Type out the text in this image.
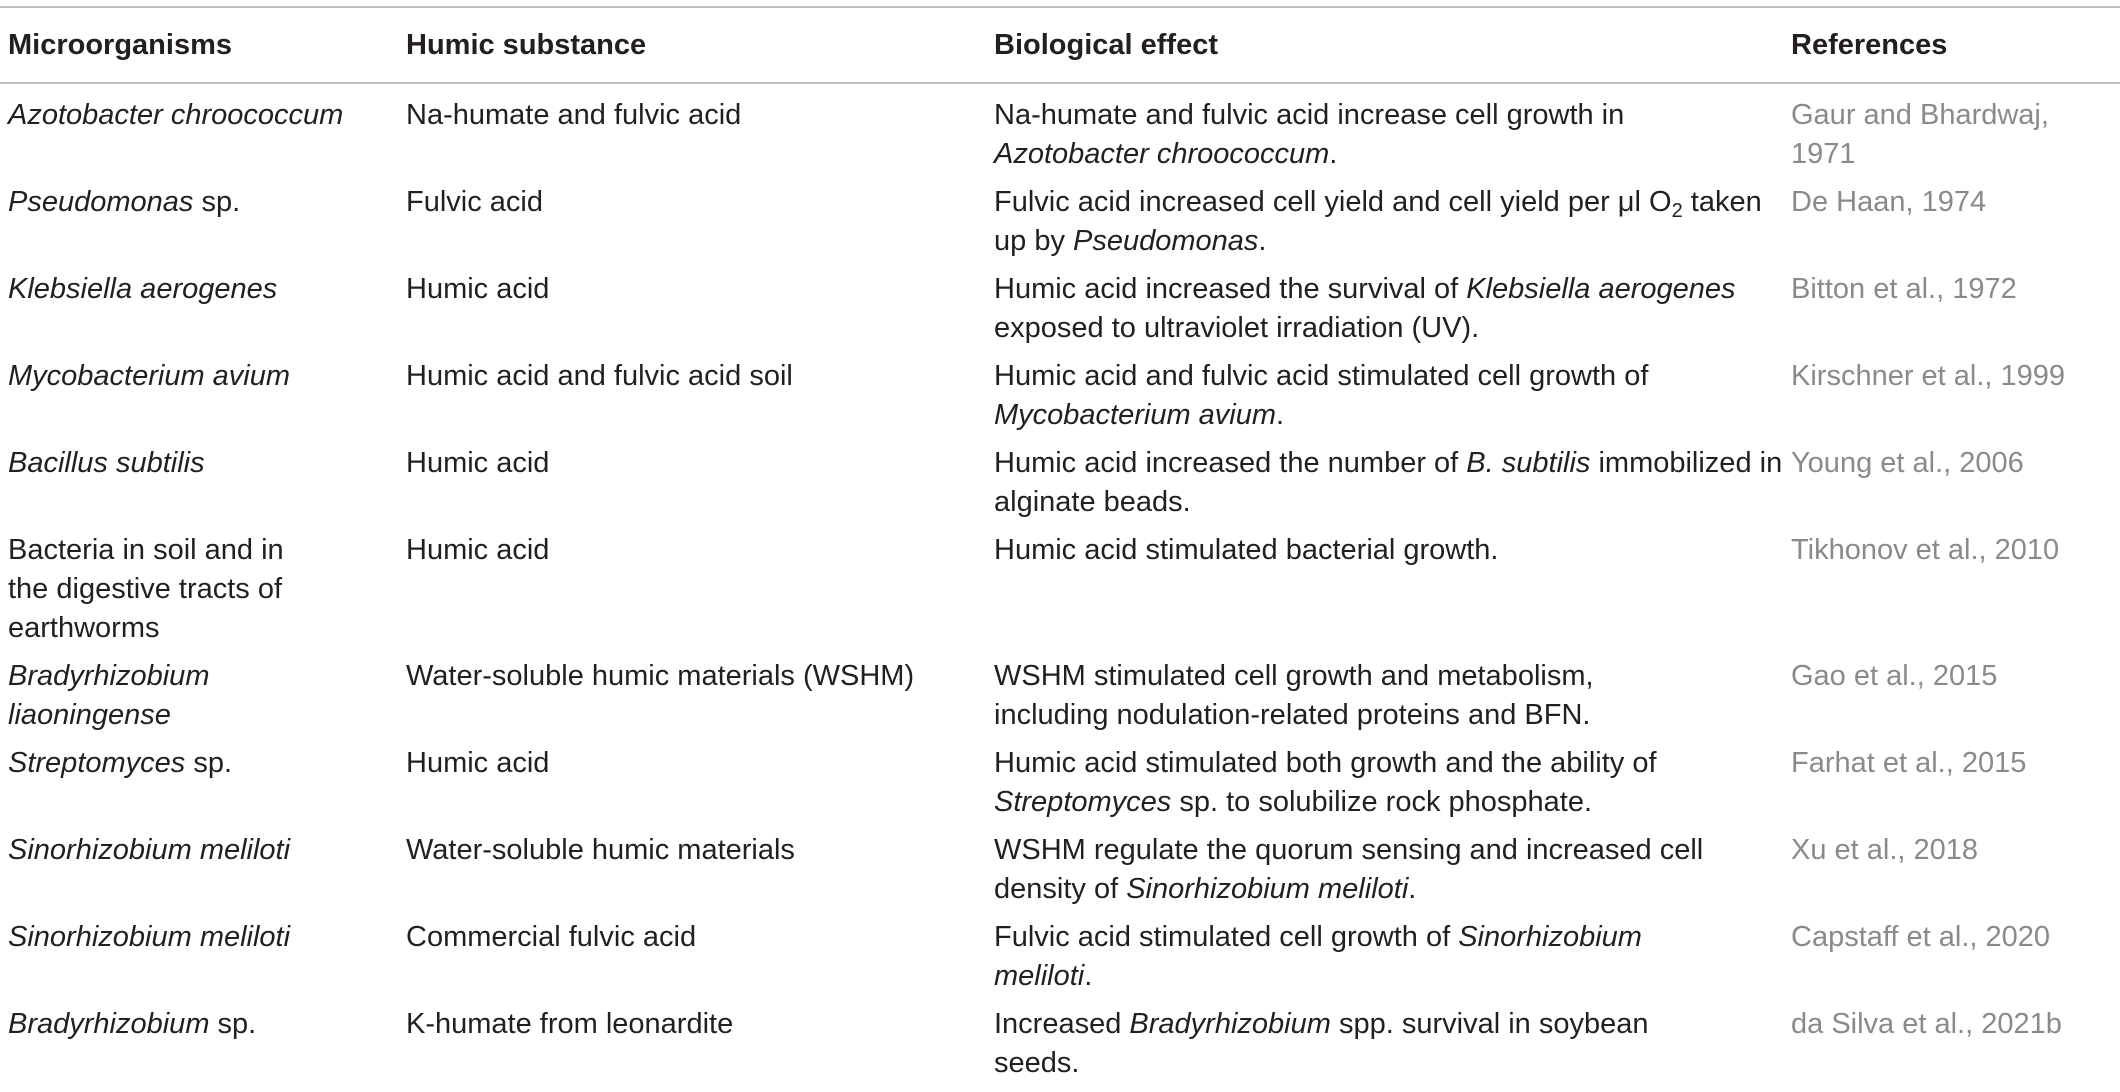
Microorganisms	Humic substance	Biological effect	References
Azotobacter chroococcum	Na-humate and fulvic acid	Na-humate and fulvic acid increase cell growth in Azotobacter chroococcum.	Gaur and Bhardwaj, 1971
Pseudomonas sp.	Fulvic acid	Fulvic acid increased cell yield and cell yield per μl $O_2$ taken up by Pseudomonas.	De Haan, 1974
Klebsiella aerogenes	Humic acid	Humic acid increased the survival of Klebsiella aerogenes exposed to ultraviolet irradiation (UV).	Bitton et al., 1972
Mycobacterium avium	Humic acid and fulvic acid soil	Humic acid and fulvic acid stimulated cell growth of Mycobacterium avium.	Kirschner et al., 1999
Bacillus subtilis	Humic acid	Humic acid increased the number of B. subtilis immobilized in alginate beads.	Young et al., 2006
Bacteria in soil and in the digestive tracts of earthworms	Humic acid	Humic acid stimulated bacterial growth.	Tikhonov et al., 2010
Bradyrhizobium liaoningense	Water-soluble humic materials (WSHM)	WSHM stimulated cell growth and metabolism, including nodulation-related proteins and BFN.	Gao et al., 2015
Streptomyces sp.	Humic acid	Humic acid stimulated both growth and the ability of Streptomyces sp. to solubilize rock phosphate.	Farhat et al., 2015
Sinorhizobium meliloti	Water-soluble humic materials	WSHM regulate the quorum sensing and increased cell density of Sinorhizobium meliloti.	Xu et al., 2018
Sinorhizobium meliloti	Commercial fulvic acid	Fulvic acid stimulated cell growth of Sinorhizobium meliloti.	Capstaff et al., 2020
Bradyrhizobium sp.	K-humate from leonardite	Increased Bradyrhizobium spp. survival in soybean seeds.	da Silva et al., 2021b
